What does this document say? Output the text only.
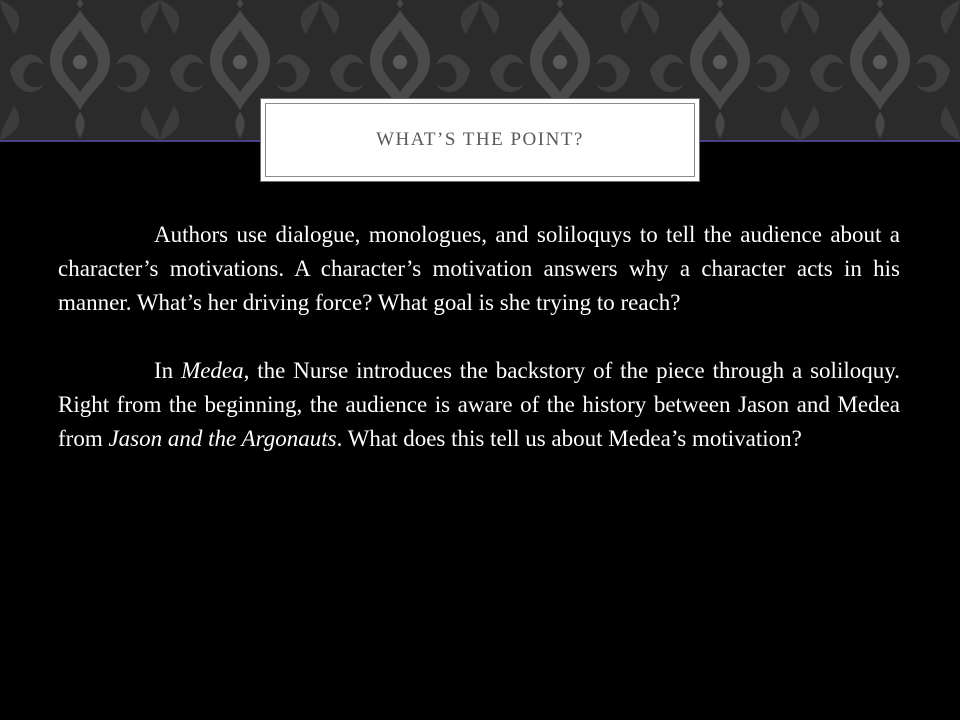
WHAT’S THE POINT?

Authors use dialogue, monologues, and soliloquys to tell the audience about a character’s motivations. A character’s motivation answers why a character acts in his manner. What’s her driving force? What goal is she trying to reach?

In Medea, the Nurse introduces the backstory of the piece through a soliloquy. Right from the beginning, the audience is aware of the history between Jason and Medea from Jason and the Argonauts. What does this tell us about Medea’s motivation?
